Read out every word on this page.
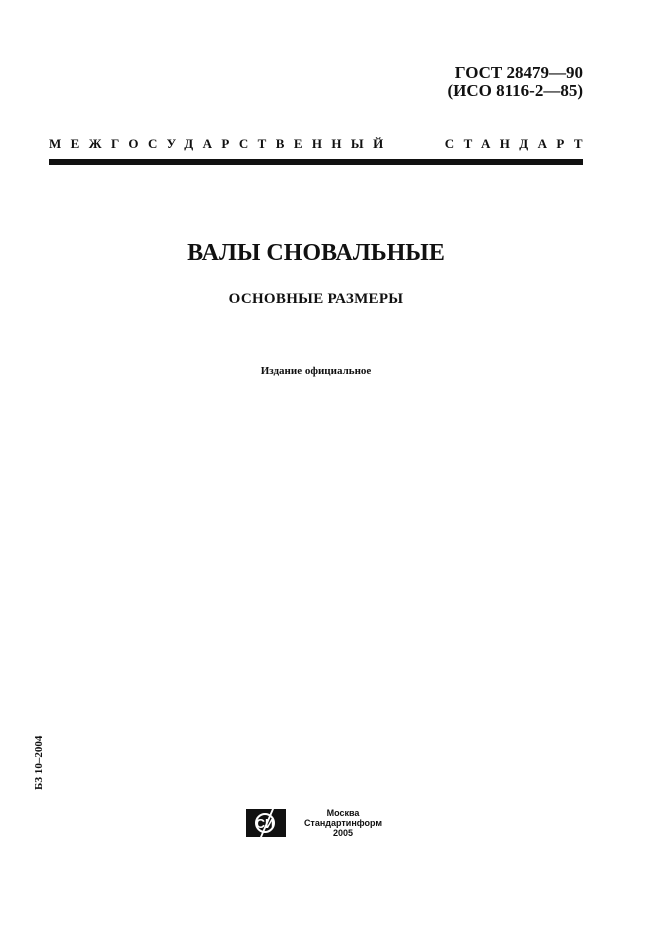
ГОСТ 28479—90
(ИСО 8116-2—85)
МЕЖГОСУДАРСТВЕННЫЙ	СТАНДАРТ
ВАЛЫ СНОВАЛЬНЫЕ
ОСНОВНЫЕ РАЗМЕРЫ
Издание официальное
БЗ 10–2004
СИ
Москва
Стандартинформ
2005
